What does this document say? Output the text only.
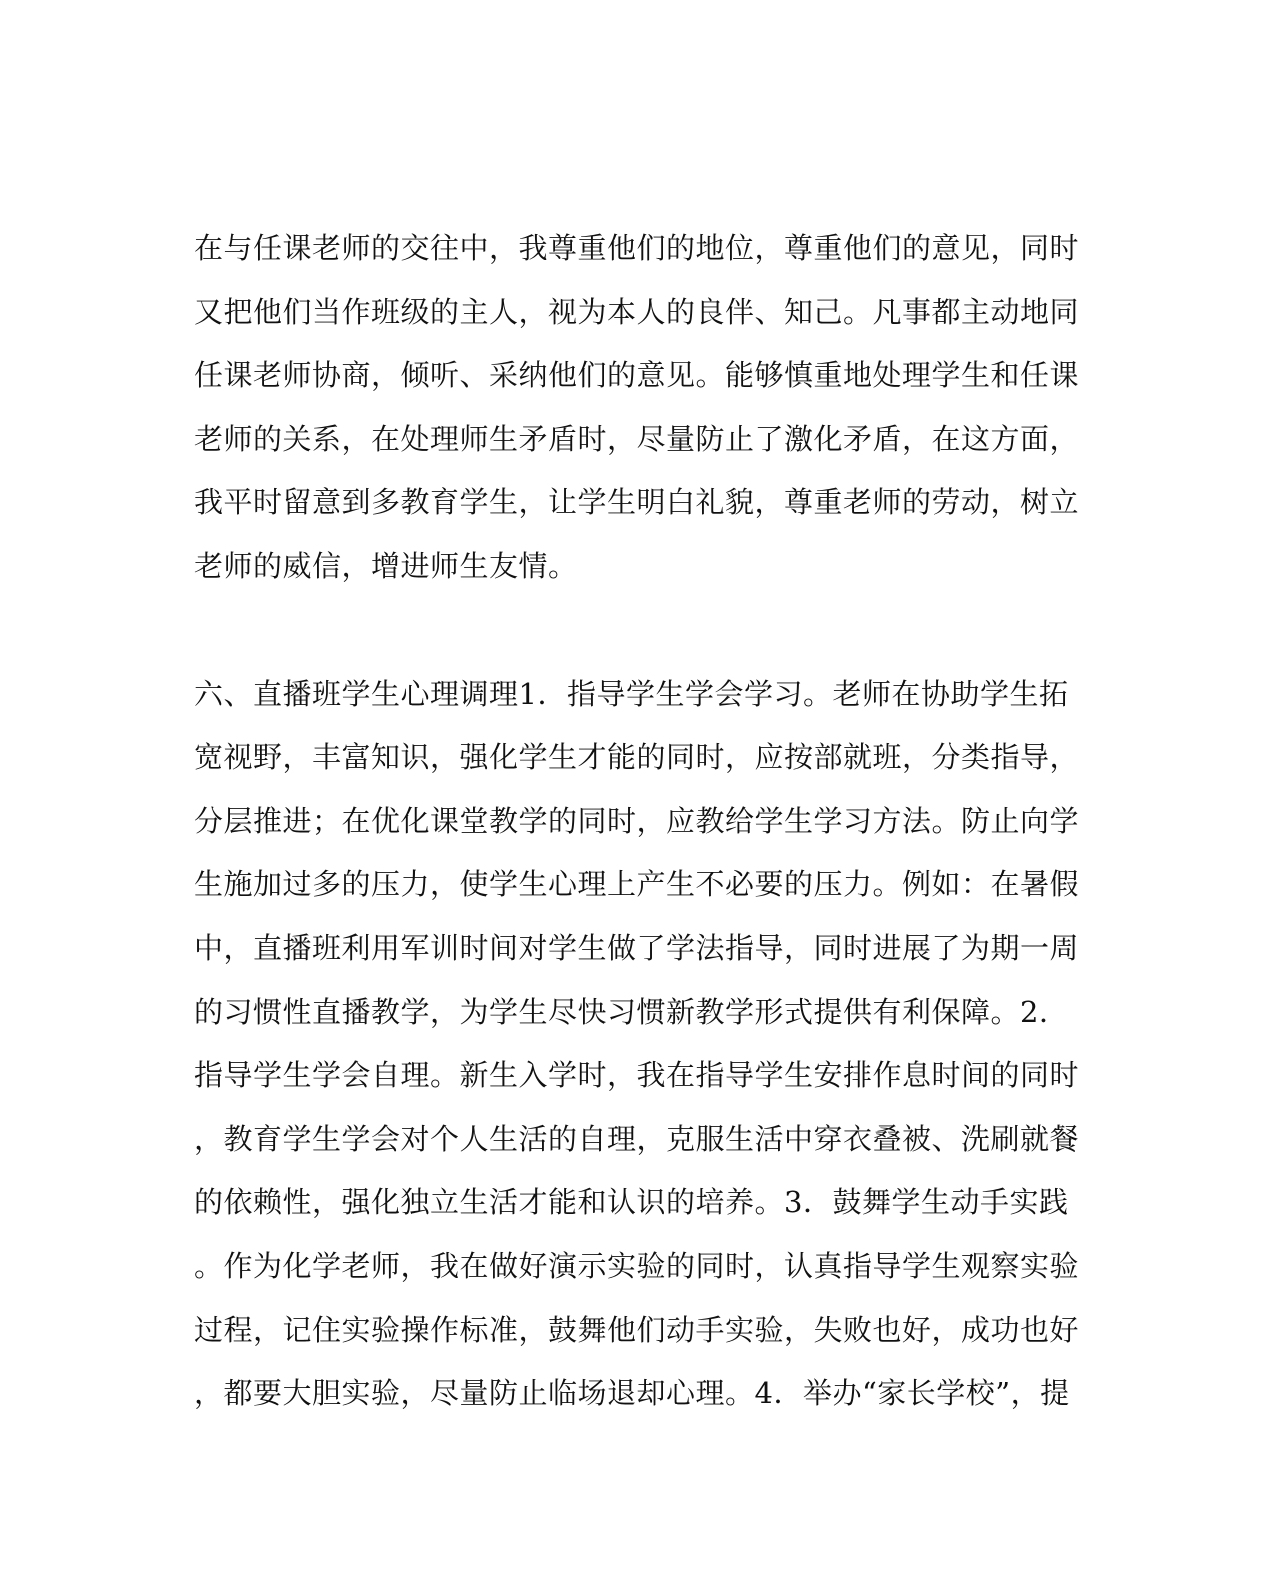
在与任课老师的交往中，我尊重他们的地位，尊重他们的意见，同时
又把他们当作班级的主人，视为本人的良伴、知己。凡事都主动地同
任课老师协商，倾听、采纳他们的意见。能够慎重地处理学生和任课
老师的关系，在处理师生矛盾时，尽量防止了激化矛盾，在这方面，
我平时留意到多教育学生，让学生明白礼貌，尊重老师的劳动，树立
老师的威信，增进师生友情。
六、直播班学生心理调理1．指导学生学会学习。老师在协助学生拓
宽视野，丰富知识，强化学生才能的同时，应按部就班，分类指导，
分层推进；在优化课堂教学的同时，应教给学生学习方法。防止向学
生施加过多的压力，使学生心理上产生不必要的压力。例如：在暑假
中，直播班利用军训时间对学生做了学法指导，同时进展了为期一周
的习惯性直播教学，为学生尽快习惯新教学形式提供有利保障。2．
指导学生学会自理。新生入学时，我在指导学生安排作息时间的同时
，教育学生学会对个人生活的自理，克服生活中穿衣叠被、洗刷就餐
的依赖性，强化独立生活才能和认识的培养。3．鼓舞学生动手实践
。作为化学老师，我在做好演示实验的同时，认真指导学生观察实验
过程，记住实验操作标准，鼓舞他们动手实验，失败也好，成功也好
，都要大胆实验，尽量防止临场退却心理。4．举办“家长学校”，提
